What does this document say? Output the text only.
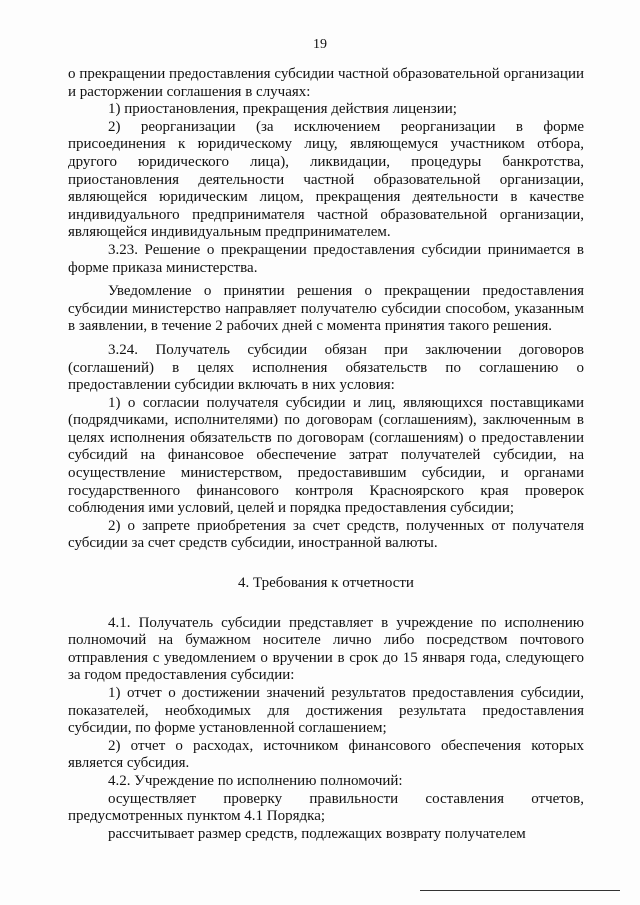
19

о прекращении предоставления субсидии частной образовательной организации и расторжении соглашения в случаях:

1) приостановления, прекращения действия лицензии;

2) реорганизации (за исключением реорганизации в форме присоединения к юридическому лицу, являющемуся участником отбора, другого юридического лица), ликвидации, процедуры банкротства, приостановления деятельности частной образовательной организации, являющейся юридическим лицом, прекращения деятельности в качестве индивидуального предпринимателя частной образовательной организации, являющейся индивидуальным предпринимателем.

3.23. Решение о прекращении предоставления субсидии принимается в форме приказа министерства.

Уведомление о принятии решения о прекращении предоставления субсидии министерство направляет получателю субсидии способом, указанным в заявлении, в течение 2 рабочих дней с момента принятия такого решения.

3.24. Получатель субсидии обязан при заключении договоров (соглашений) в целях исполнения обязательств по соглашению о предоставлении субсидии включать в них условия:

1) о согласии получателя субсидии и лиц, являющихся поставщиками (подрядчиками, исполнителями) по договорам (соглашениям), заключенным в целях исполнения обязательств по договорам (соглашениям) о предоставлении субсидий на финансовое обеспечение затрат получателей субсидии, на осуществление министерством, предоставившим субсидии, и органами государственного финансового контроля Красноярского края проверок соблюдения ими условий, целей и порядка предоставления субсидии;

2) о запрете приобретения за счет средств, полученных от получателя субсидии за счет средств субсидии, иностранной валюты.

4. Требования к отчетности

4.1. Получатель субсидии представляет в учреждение по исполнению полномочий на бумажном носителе лично либо посредством почтового отправления с уведомлением о вручении в срок до 15 января года, следующего за годом предоставления субсидии:

1) отчет о достижении значений результатов предоставления субсидии, показателей, необходимых для достижения результата предоставления субсидии, по форме установленной соглашением;

2) отчет о расходах, источником финансового обеспечения которых является субсидия.

4.2. Учреждение по исполнению полномочий:

осуществляет проверку правильности составления отчетов, предусмотренных пунктом 4.1 Порядка;

рассчитывает размер средств, подлежащих возврату получателем
